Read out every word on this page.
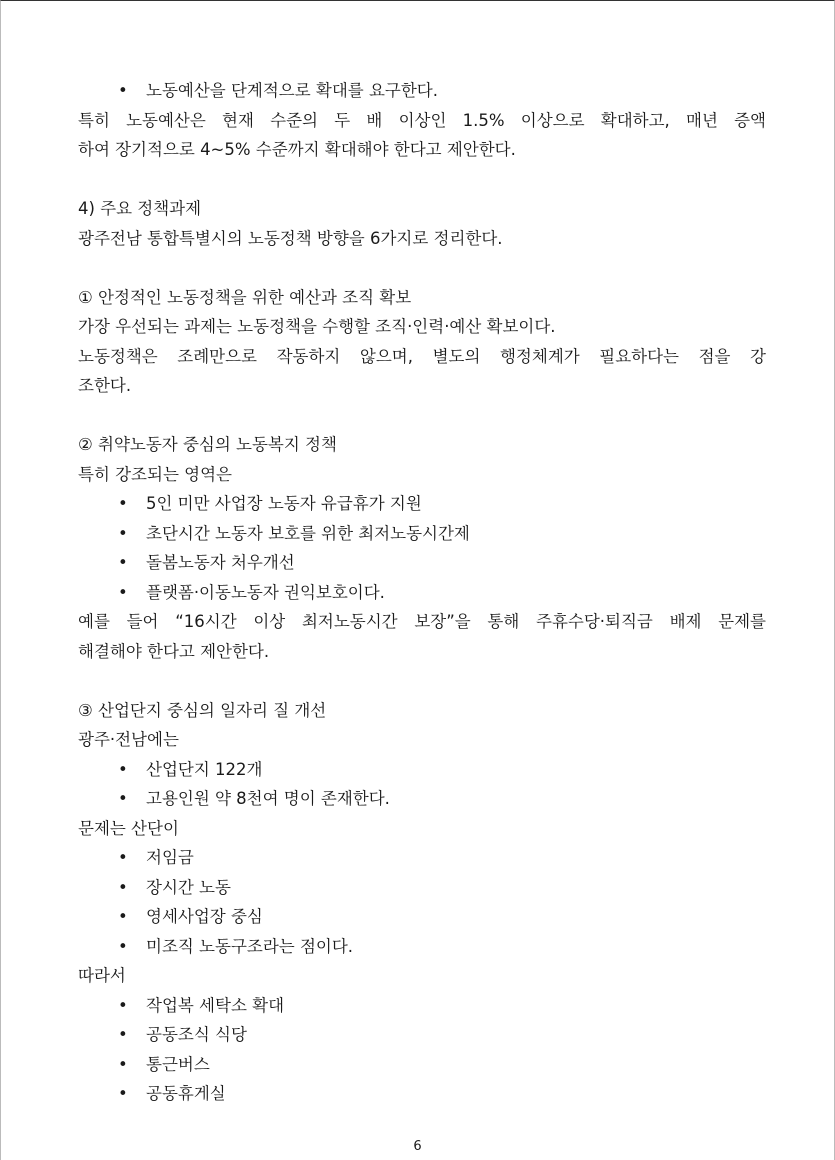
• 노동예산을 단계적으로 확대를 요구한다.
특히 노동예산은 현재 수준의 두 배 이상인 1.5% 이상으로 확대하고, 매년 증액
하여 장기적으로 4~5% 수준까지 확대해야 한다고 제안한다.
4) 주요 정책과제
광주전남 통합특별시의 노동정책 방향을 6가지로 정리한다.
① 안정적인 노동정책을 위한 예산과 조직 확보
가장 우선되는 과제는 노동정책을 수행할 조직·인력·예산 확보이다.
노동정책은 조례만으로 작동하지 않으며, 별도의 행정체계가 필요하다는 점을 강
조한다.
② 취약노동자 중심의 노동복지 정책
특히 강조되는 영역은
• 5인 미만 사업장 노동자 유급휴가 지원
• 초단시간 노동자 보호를 위한 최저노동시간제
• 돌봄노동자 처우개선
• 플랫폼·이동노동자 권익보호이다.
예를 들어 “16시간 이상 최저노동시간 보장”을 통해 주휴수당·퇴직금 배제 문제를
해결해야 한다고 제안한다.
③ 산업단지 중심의 일자리 질 개선
광주·전남에는
• 산업단지 122개
• 고용인원 약 8천여 명이 존재한다.
문제는 산단이
• 저임금
• 장시간 노동
• 영세사업장 중심
• 미조직 노동구조라는 점이다.
따라서
• 작업복 세탁소 확대
• 공동조식 식당
• 통근버스
• 공동휴게실
6
